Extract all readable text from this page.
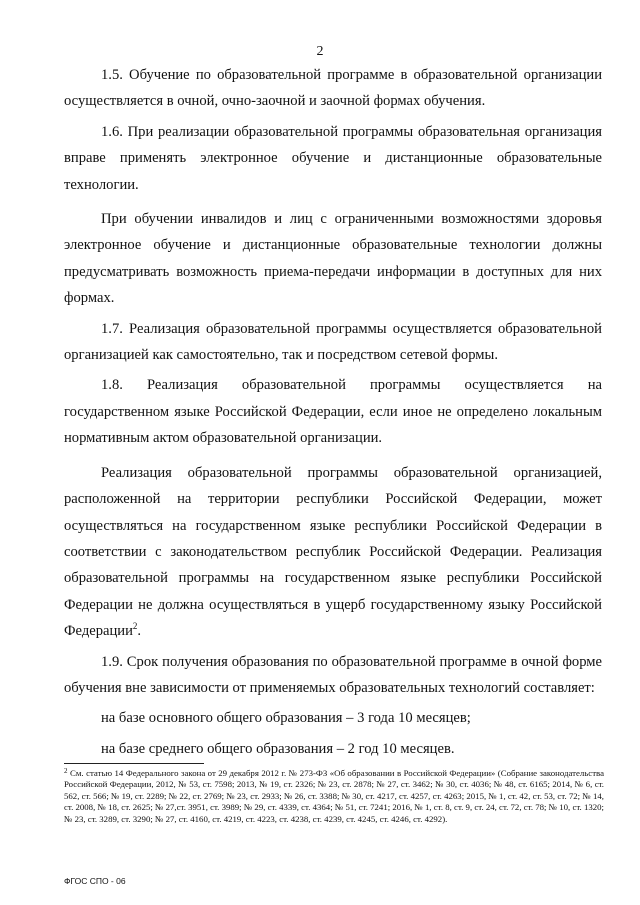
2

1.5. Обучение по образовательной программе в образовательной организации осуществляется в очной, очно-заочной и заочной формах обучения.

1.6. При реализации образовательной программы образовательная организация вправе применять электронное обучение и дистанционные образовательные технологии.

При обучении инвалидов и лиц с ограниченными возможностями здоровья электронное обучение и дистанционные образовательные технологии должны предусматривать возможность приема-передачи информации в доступных для них формах.

1.7. Реализация образовательной программы осуществляется образовательной организацией как самостоятельно, так и посредством сетевой формы.

1.8. Реализация образовательной программы осуществляется на государственном языке Российской Федерации, если иное не определено локальным нормативным актом образовательной организации.

Реализация образовательной программы образовательной организацией, расположенной на территории республики Российской Федерации, может осуществляться на государственном языке республики Российской Федерации в соответствии с законодательством республик Российской Федерации. Реализация образовательной программы на государственном языке республики Российской Федерации не должна осуществляться в ущерб государственному языку Российской Федерации$^2$.

1.9. Срок получения образования по образовательной программе в очной форме обучения вне зависимости от применяемых образовательных технологий составляет:

на базе основного общего образования – 3 года 10 месяцев;

на базе среднего общего образования – 2 год 10 месяцев.

$^2$ См. статью 14 Федерального закона от 29 декабря 2012 г. № 273-ФЗ «Об образовании в Российской Федерации» (Собрание законодательства Российской Федерации, 2012, № 53, ст. 7598; 2013, № 19, ст. 2326; № 23, ст. 2878; № 27, ст. 3462; № 30, ст. 4036; № 48, ст. 6165; 2014, № 6, ст. 562, ст. 566; № 19, ст. 2289; № 22, ст. 2769; № 23, ст. 2933; № 26, ст. 3388; № 30, ст. 4217, ст. 4257, ст. 4263; 2015, № 1, ст. 42, ст. 53, ст. 72; № 14, ст. 2008, № 18, ст. 2625; № 27,ст. 3951, ст. 3989; № 29, ст. 4339, ст. 4364; № 51, ст. 7241; 2016, № 1, ст. 8, ст. 9, ст. 24, ст. 72, ст. 78; № 10, ст. 1320; № 23, ст. 3289, ст. 3290; № 27, ст. 4160, ст. 4219, ст. 4223, ст. 4238, ст. 4239, ст. 4245, ст. 4246, ст. 4292).
ФГОС СПО - 06
